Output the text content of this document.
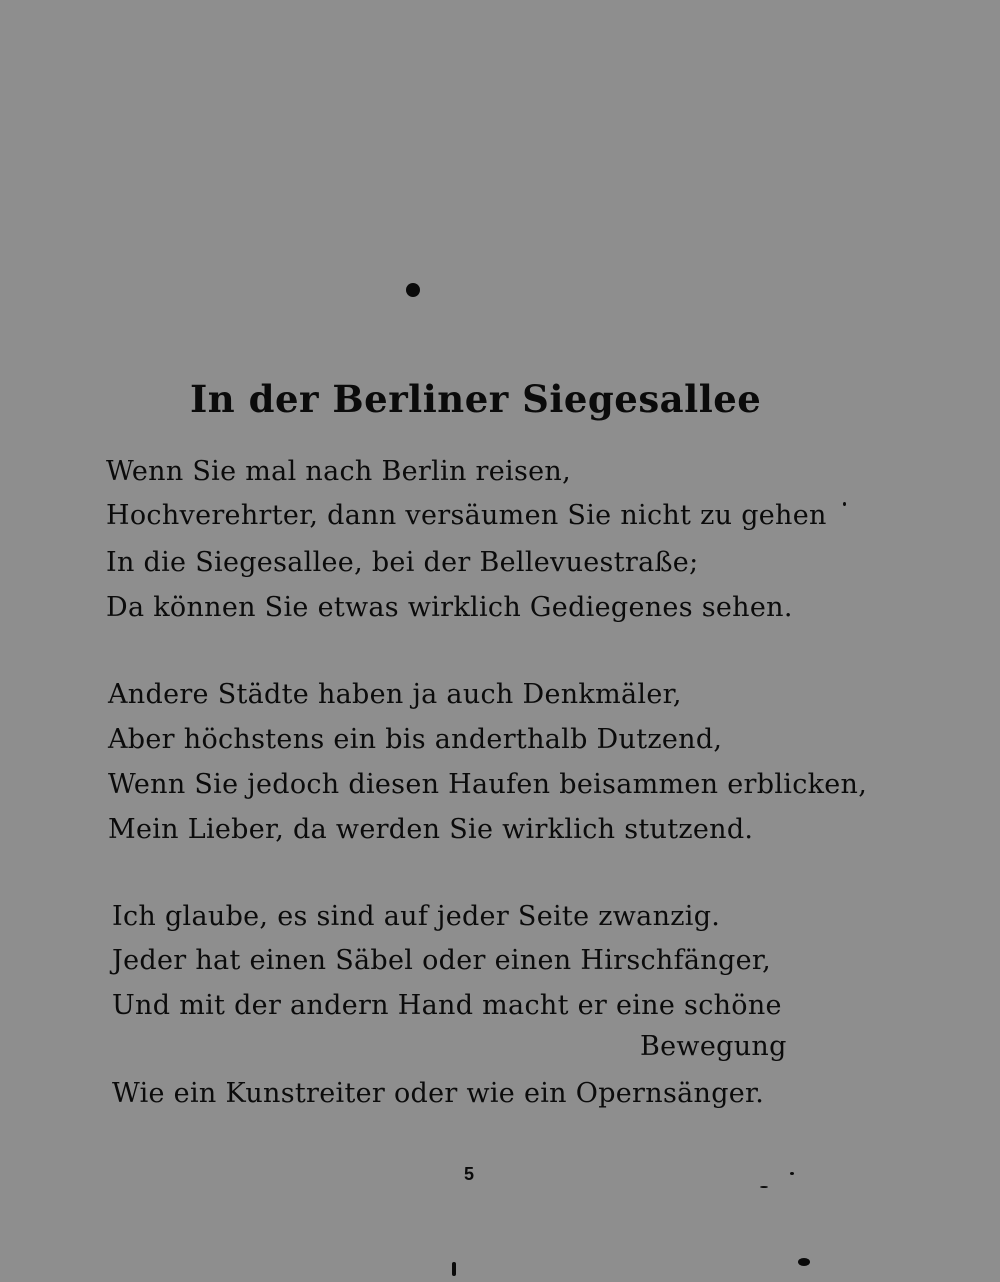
In der Berliner Siegesallee

Wenn Sie mal nach Berlin reisen,

Hochverehrter, dann versäumen Sie nicht zu gehen

In die Siegesallee, bei der Bellevuestraße;

Da können Sie etwas wirklich Gediegenes sehen.

Andere Städte haben ja auch Denkmäler,

Aber höchstens ein bis anderthalb Dutzend,

Wenn Sie jedoch diesen Haufen beisammen erblicken,

Mein Lieber, da werden Sie wirklich stutzend.

Ich glaube, es sind auf jeder Seite zwanzig.

Jeder hat einen Säbel oder einen Hirschfänger,

Und mit der andern Hand macht er eine schöne

Bewegung

Wie ein Kunstreiter oder wie ein Opernsänger.

5
